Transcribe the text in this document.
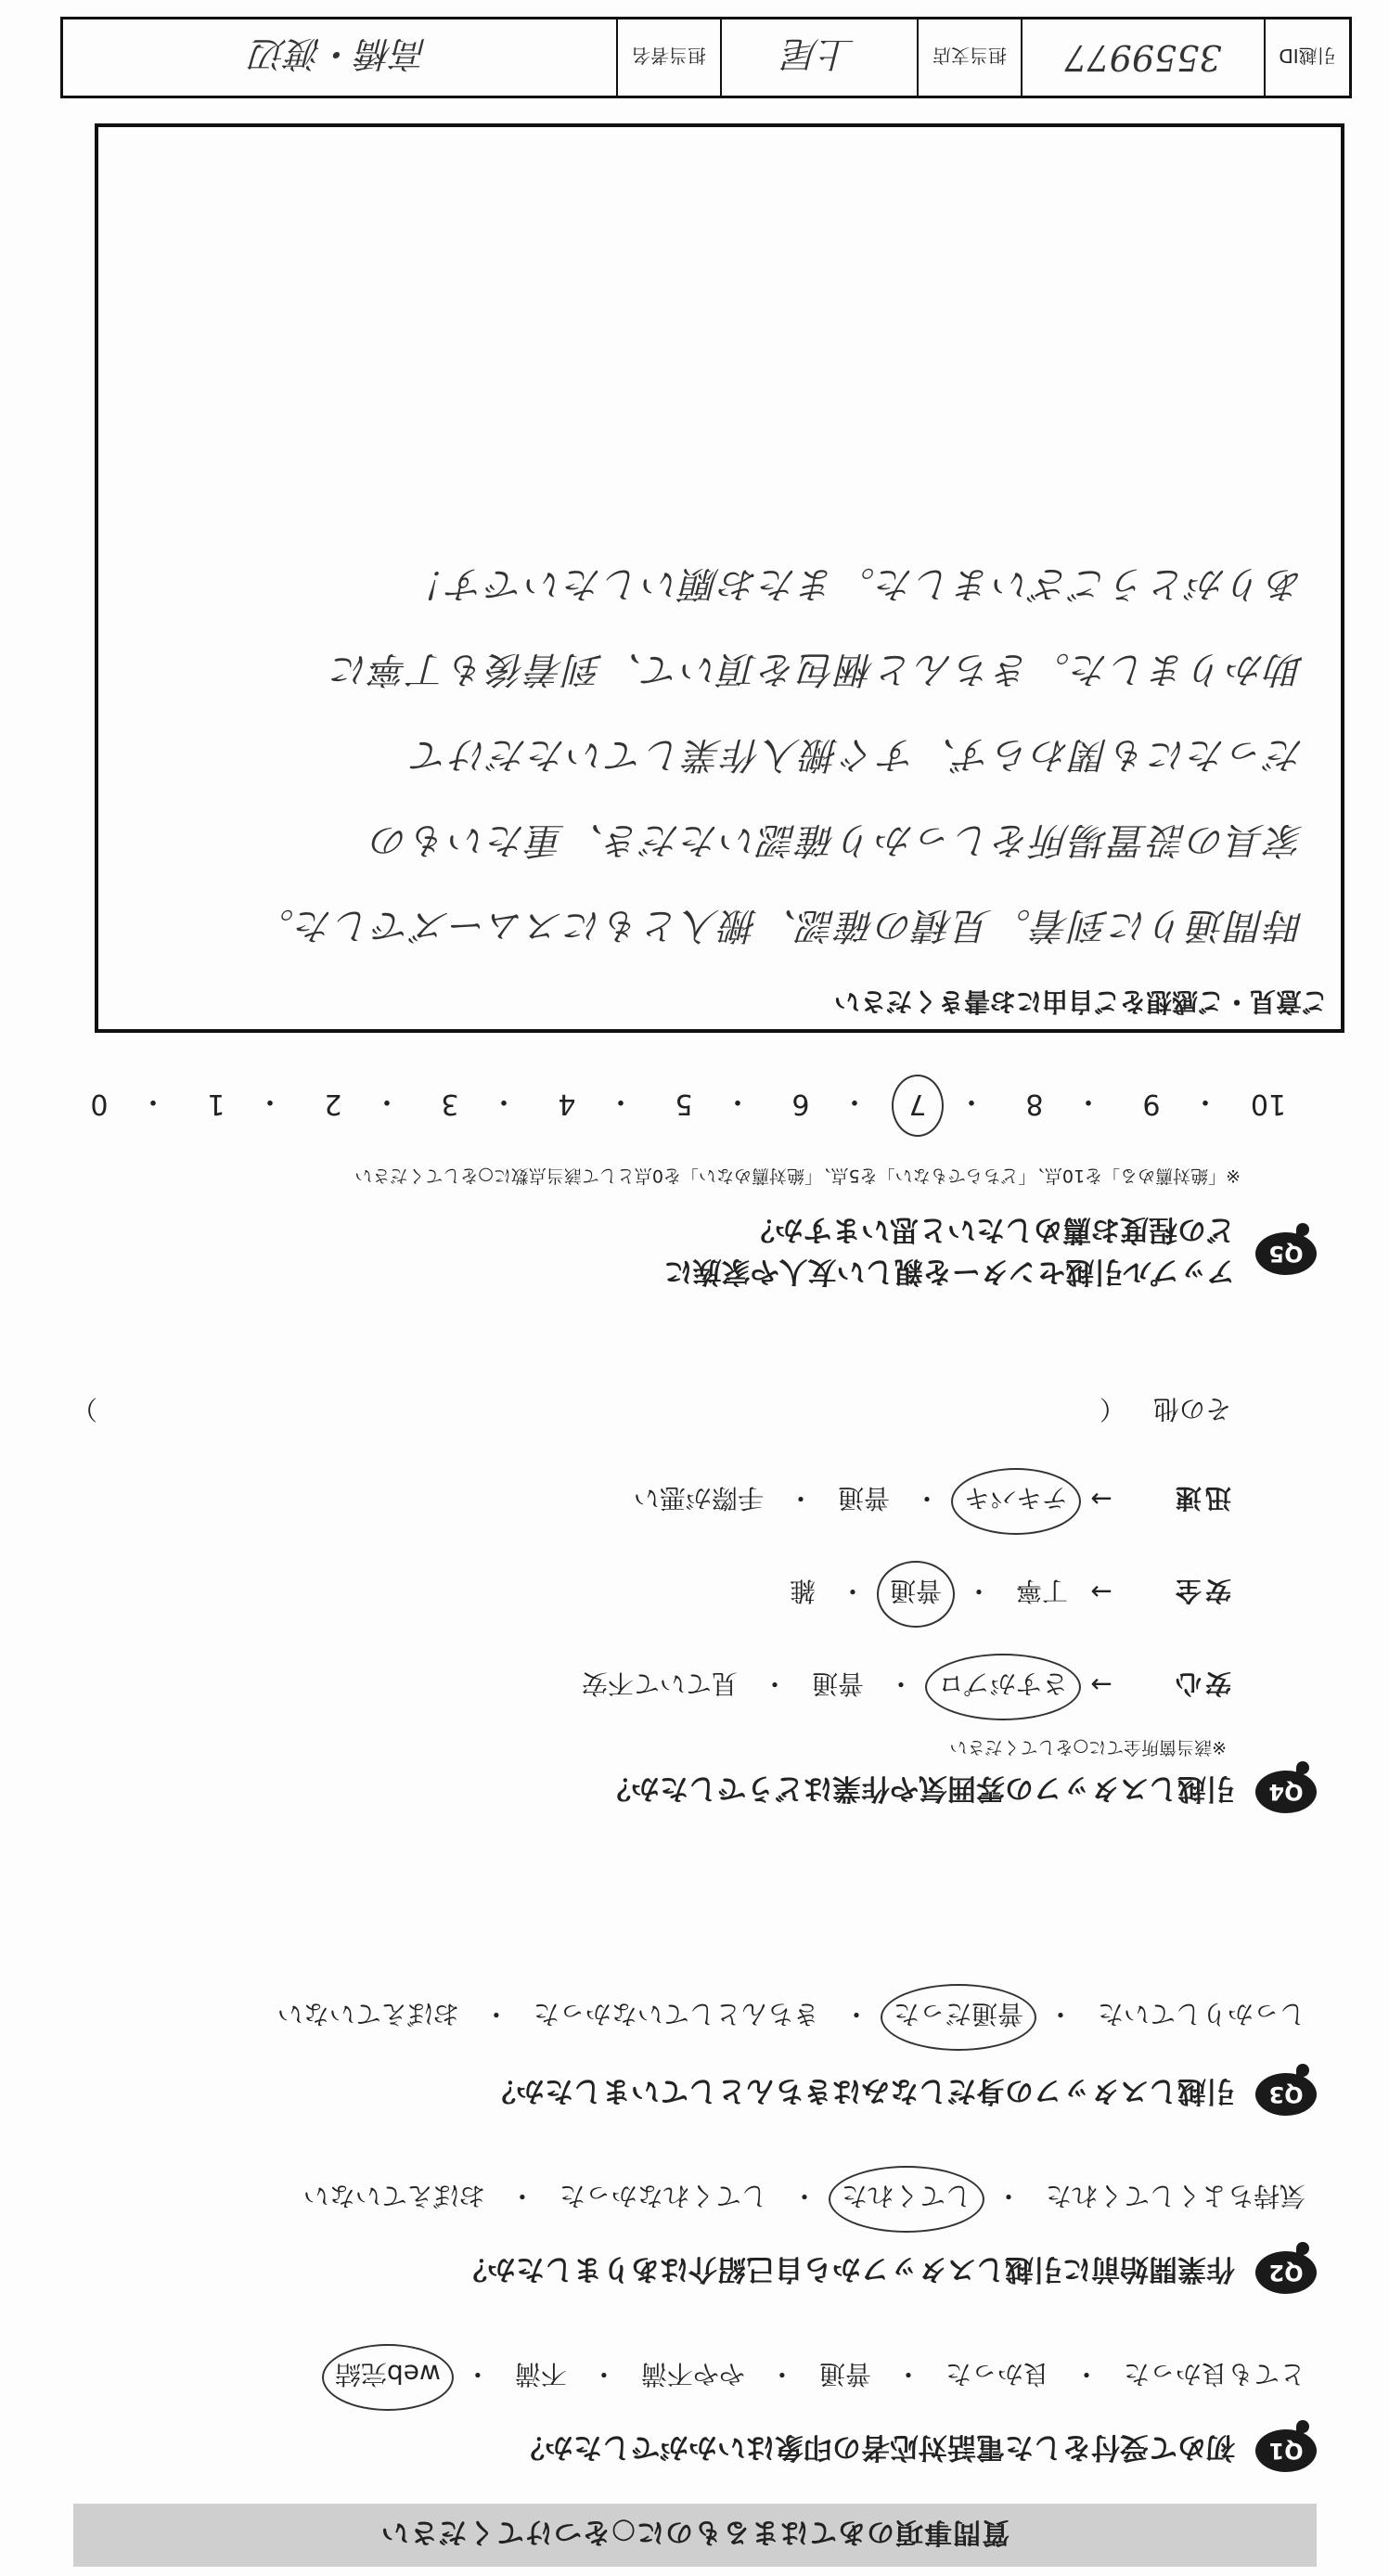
質問事項のあてはまるものに○をつけてください
Q1
初めて受付をした電話対応者の印象はいかがでしたか？
とても良かった
・
良かった
・
普通
・
やや不満
・
不満
・
web完結
Q2
作業開始前に引越しスタッフから自己紹介はありましたか？
気持ちよくしてくれた
・
してくれた
・
してくれなかった
・
おぼえていない
Q3
引越しスタッフの身だしなみはきちんとしていましたか？
しっかりしていた
・
普通だった
・
きちんとしていなかった
・
おぼえていない
Q4
引越しスタッフの雰囲気や作業はどうでしたか？
※該当箇所全てに○をしてください
安心
→
さすがプロ
・
普通
・
見ていて不安
安全
→
丁寧
・
普通
・
雑
迅速
→
テキパキ
・
普通
・
手際が悪い
その他
（
）
Q5
アップル引越センターを親しい友人や家族に
どの程度お薦めしたいと思いますか？
※「絶対薦める」を10点、「どちらでもない」を5点、「絶対薦めない」を0点として該当点数に○をしてください
10
・
9
・
8
・
7
・
6
・
5
・
4
・
3
・
2
・
1
・
0
ご意見・ご感想をご自由にお書きください
時間通りに到着。見積の確認、搬入ともにスムーズでした。
家具の設置場所をしっかり確認いただき、重たいもの
だったにも関わらず、すぐ搬入作業していただけて
助かりました。きちんと梱包を頂いて、到着後も丁寧に
ありがとうございました。またお願いしたいです！
引越ID
3559977
担当支店
上尾
担当者名
高橋・渡辺
